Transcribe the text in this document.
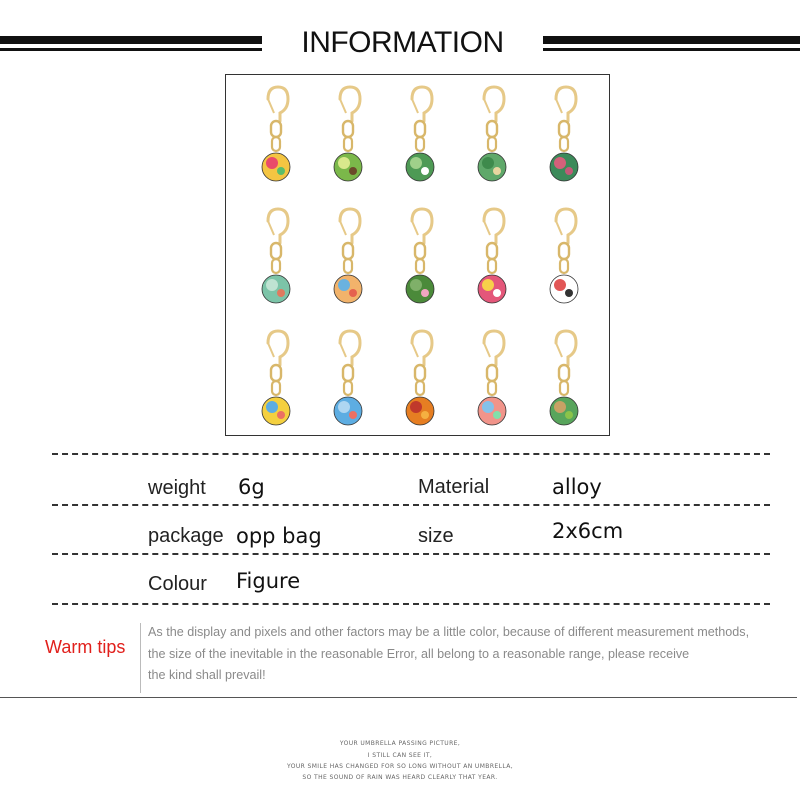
INFORMATION
weight 6g	Material	alloy
package opp bag	size	2x6cm
Colour Figure
Warm tips
As the display and pixels and other factors may be a little color, because of different measurement methods,
the size of the inevitable in the reasonable Error, all belong to a reasonable range, please receive
the kind shall prevail!
YOUR UMBRELLA PASSING PICTURE,
I STILL CAN SEE IT,
YOUR SMILE HAS CHANGED FOR SO LONG WITHOUT AN UMBRELLA,
SO THE SOUND OF RAIN WAS HEARD CLEARLY THAT YEAR.
